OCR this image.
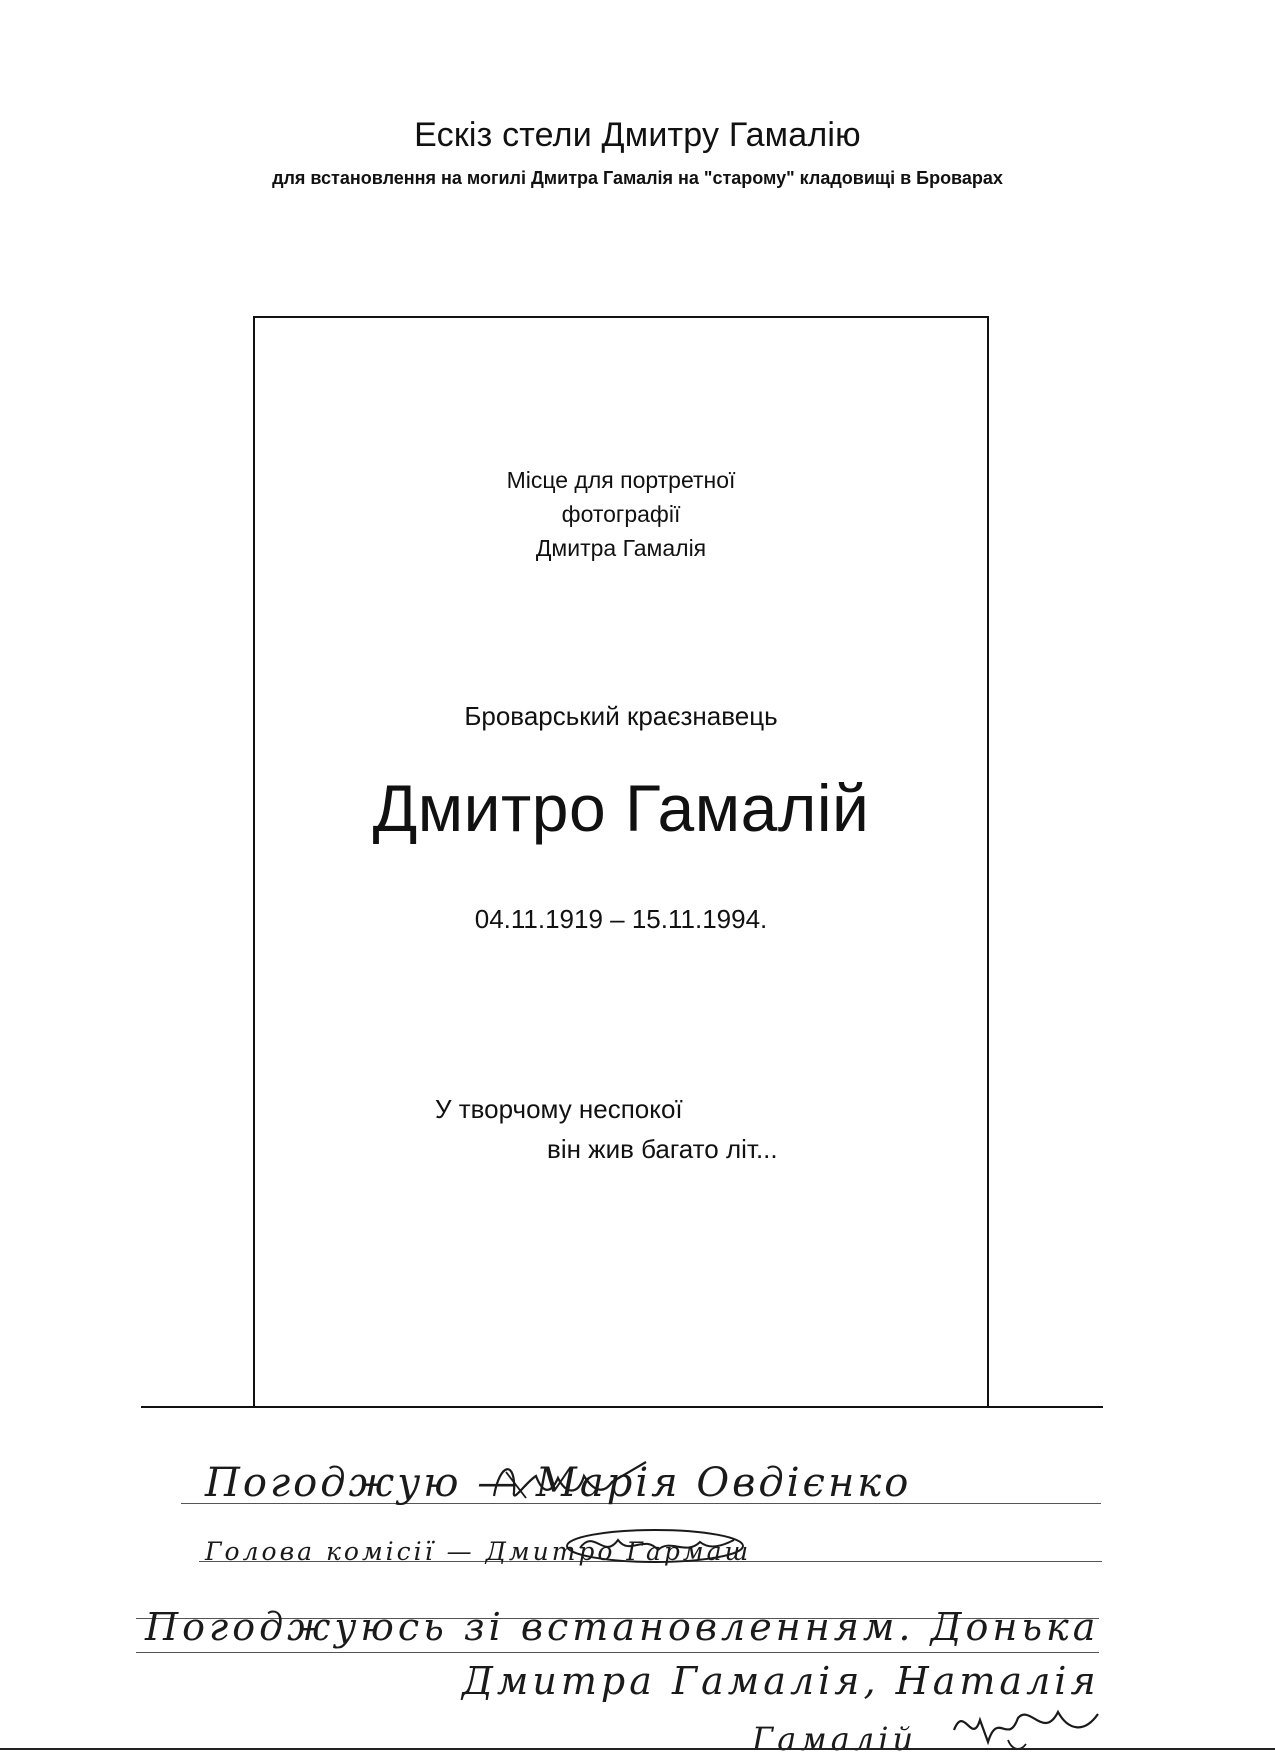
Ескіз стели Дмитру Гамалію
для встановлення на могилі Дмитра Гамалія на "старому" кладовищі в Броварах
Місце для портретної
фотографії
Дмитра Гамалія
Броварський краєзнавець
Дмитро Гамалій
04.11.1919 – 15.11.1994.
У творчому неспокої
він жив багато літ...
Погоджую — Марія Овдієнко
Голова комісії — Дмитро Гармаш
Погоджуюсь зі встановленням. Донька
Дмитра Гамалія, Наталія
Гамалій
